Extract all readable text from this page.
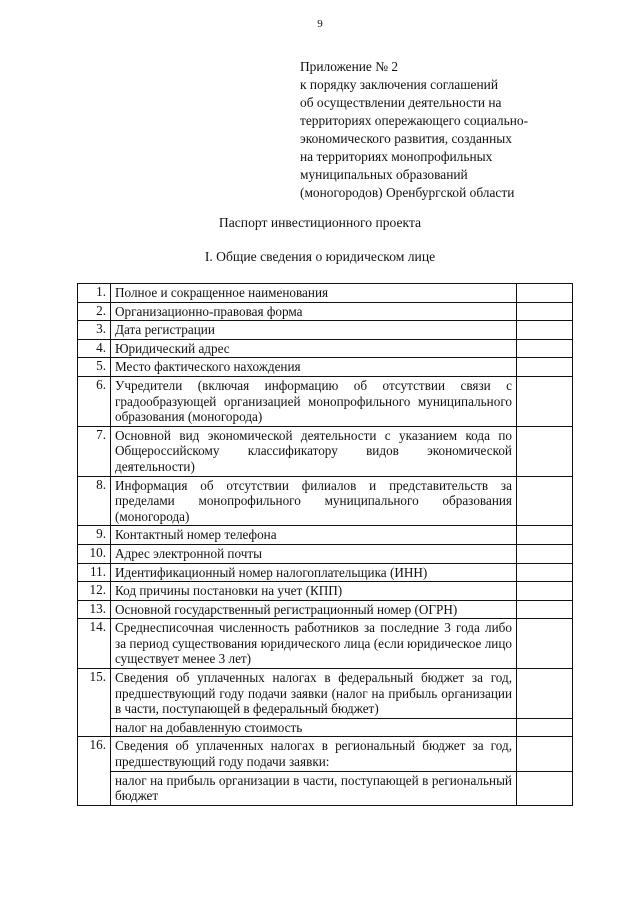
9
Приложение № 2
к порядку заключения соглашений
об осуществлении деятельности на
территориях опережающего социально-
экономического развития, созданных
на территориях монопрофильных
муниципальных образований
(моногородов) Оренбургской области
Паспорт инвестиционного проекта
I. Общие сведения о юридическом лице
1.	Полное и сокращенное наименования	
2.	Организационно-правовая форма	
3.	Дата регистрации	
4.	Юридический адрес	
5.	Место фактического нахождения	
6.	Учредители (включая информацию об отсутствии связи с градообразующей организацией монопрофильного муниципального образования (моногорода)	
7.	Основной вид экономической деятельности с указанием кода по Общероссийскому классификатору видов экономической деятельности)	
8.	Информация об отсутствии филиалов и представительств за пределами монопрофильного муниципального образования (моногорода)	
9.	Контактный номер телефона	
10.	Адрес электронной почты	
11.	Идентификационный номер налогоплательщика (ИНН)	
12.	Код причины постановки на учет (КПП)	
13.	Основной государственный регистрационный номер (ОГРН)	
14.	Среднесписочная численность работников за последние 3 года либо за период существования юридического лица (если юридическое лицо существует менее 3 лет)	
15.	Сведения об уплаченных налогах в федеральный бюджет за год, предшествующий году подачи заявки (налог на прибыль организации в части, поступающей в федеральный бюджет)	
	налог на добавленную стоимость	
16.	Сведения об уплаченных налогах в региональный бюджет за год, предшествующий году подачи заявки:	
	налог на прибыль организации в части, поступающей в региональный бюджет	
